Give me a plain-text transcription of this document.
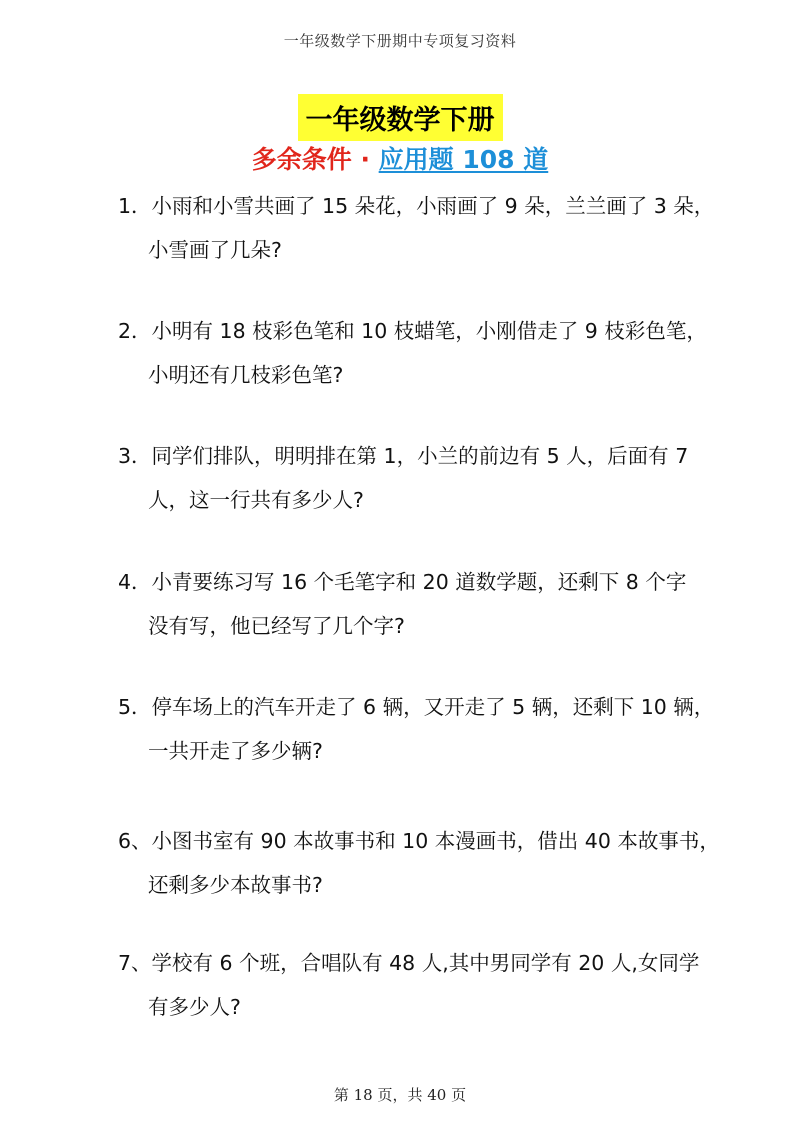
一年级数学下册期中专项复习资料
一年级数学下册
多余条件 · 应用题 108 道
1．小雨和小雪共画了 15 朵花，小雨画了 9 朵，兰兰画了 3 朵，
小雪画了几朵?
2．小明有 18 枝彩色笔和 10 枝蜡笔，小刚借走了 9 枝彩色笔，
小明还有几枝彩色笔?
3．同学们排队，明明排在第 1，小兰的前边有 5 人，后面有 7
人，这一行共有多少人?
4．小青要练习写 16 个毛笔字和 20 道数学题，还剩下 8 个字
没有写，他已经写了几个字?
5．停车场上的汽车开走了 6 辆，又开走了 5 辆，还剩下 10 辆，
一共开走了多少辆?
6、小图书室有 90 本故事书和 10 本漫画书，借出 40 本故事书，
还剩多少本故事书?
7、学校有 6 个班，合唱队有 48 人,其中男同学有 20 人,女同学
有多少人?
第 18 页，共 40 页
